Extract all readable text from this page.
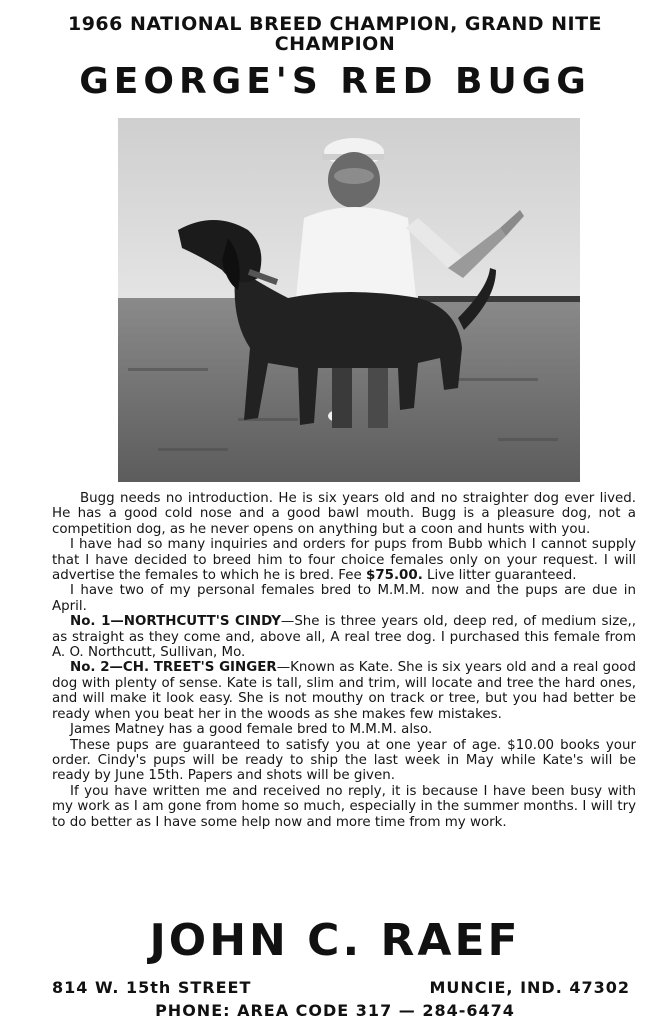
1966 NATIONAL BREED CHAMPION, GRAND NITE
CHAMPION
GEORGE'S RED BUGG

Bugg needs no introduction. He is six years old and no straighter dog ever lived. He has a good cold nose and a good bawl mouth. Bugg is a pleasure dog, not a competition dog, as he never opens on anything but a coon and hunts with you.

I have had so many inquiries and orders for pups from Bubb which I cannot supply that I have decided to breed him to four choice females only on your request. I will advertise the females to which he is bred. Fee $75.00. Live litter guaranteed.

I have two of my personal females bred to M.M.M. now and the pups are due in April.

No. 1—NORTHCUTT'S CINDY—She is three years old, deep red, of medium size,, as straight as they come and, above all, A real tree dog. I purchased this female from A. O. Northcutt, Sullivan, Mo.

No. 2—CH. TREET'S GINGER—Known as Kate. She is six years old and a real good dog with plenty of sense. Kate is tall, slim and trim, will locate and tree the hard ones, and will make it look easy. She is not mouthy on track or tree, but you had better be ready when you beat her in the woods as she makes few mistakes.

James Matney has a good female bred to M.M.M. also.

These pups are guaranteed to satisfy you at one year of age. $10.00 books your order. Cindy's pups will be ready to ship the last week in May while Kate's will be ready by June 15th. Papers and shots will be given.

If you have written me and received no reply, it is because I have been busy with my work as I am gone from home so much, especially in the summer months. I will try to do better as I have some help now and more time from my work.

JOHN C. RAEF
814 W. 15th STREET	MUNCIE, IND. 47302
PHONE: AREA CODE 317 — 284-6474
